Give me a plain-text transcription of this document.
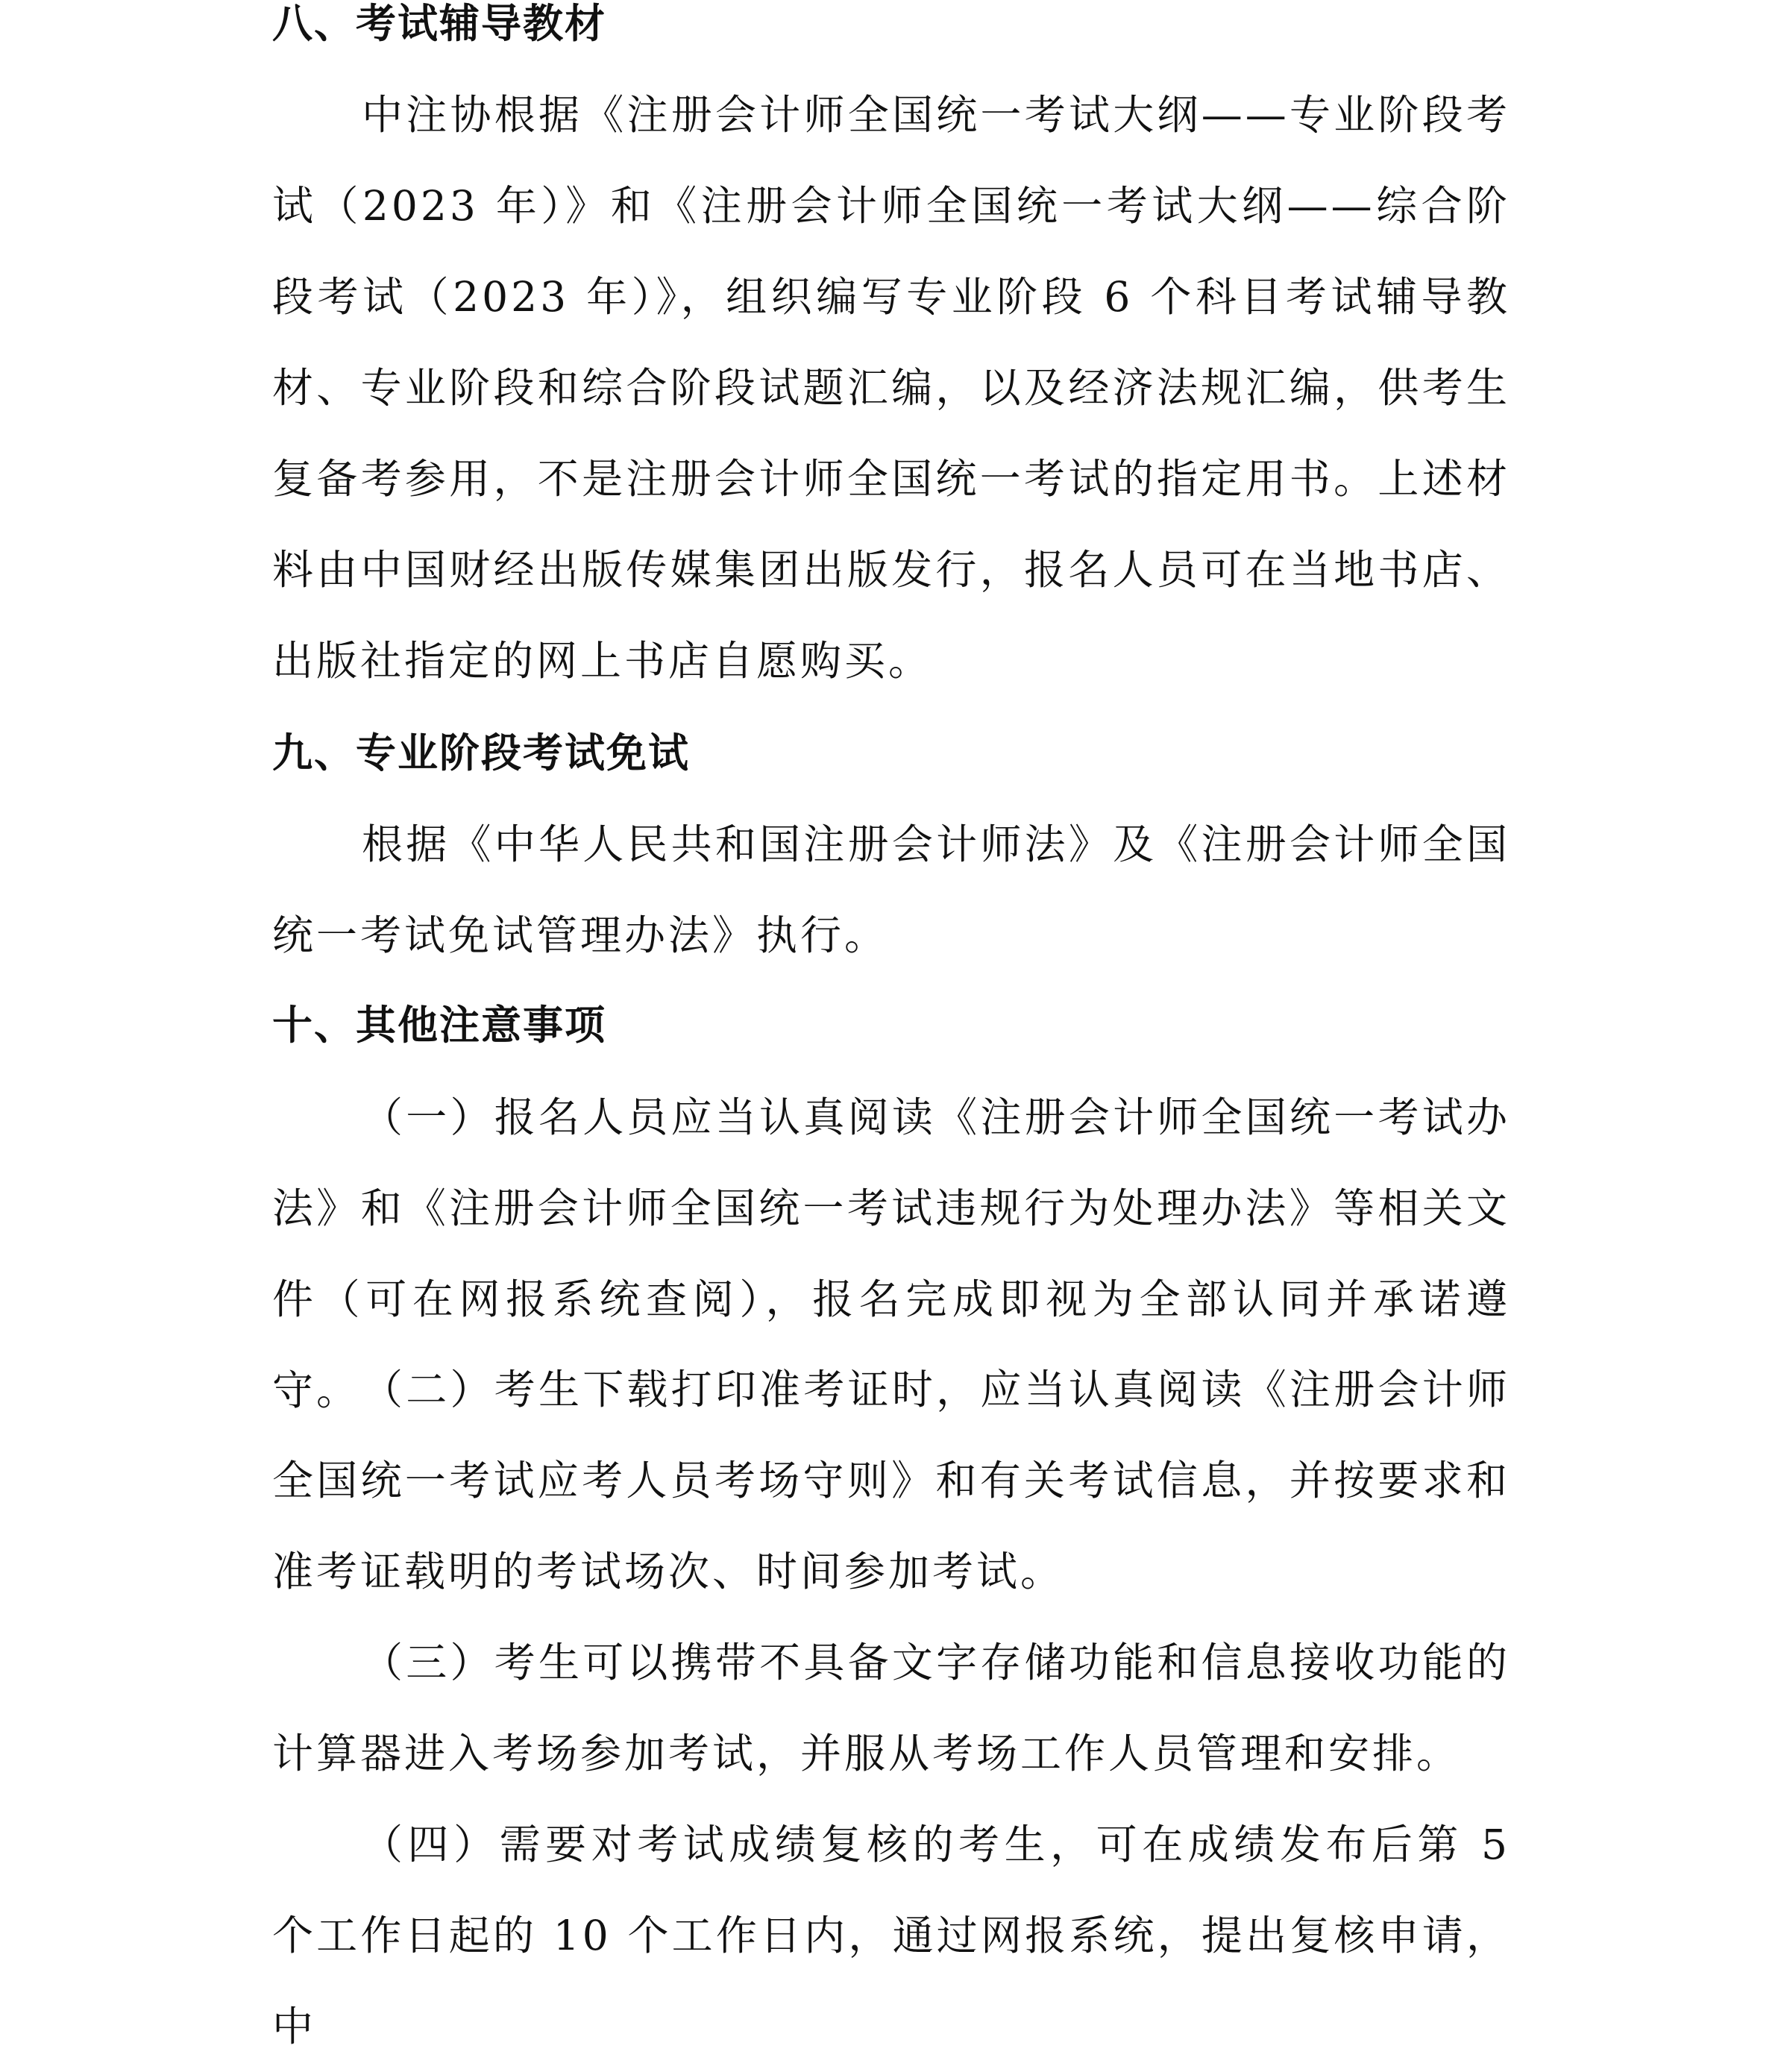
八、考试辅导教材

中注协根据《注册会计师全国统一考试大纲——专业阶段考试（2023 年）》和《注册会计师全国统一考试大纲——综合阶段考试（2023 年）》，组织编写专业阶段 6 个科目考试辅导教材、专业阶段和综合阶段试题汇编，以及经济法规汇编，供考生复备考参用，不是注册会计师全国统一考试的指定用书。上述材料由中国财经出版传媒集团出版发行，报名人员可在当地书店、出版社指定的网上书店自愿购买。

九、专业阶段考试免试

根据《中华人民共和国注册会计师法》及《注册会计师全国统一考试免试管理办法》执行。

十、其他注意事项

（一）报名人员应当认真阅读《注册会计师全国统一考试办法》和《注册会计师全国统一考试违规行为处理办法》等相关文件（可在网报系统查阅），报名完成即视为全部认同并承诺遵守。 （二）考生下载打印准考证时，应当认真阅读《注册会计师全国统一考试应考人员考场守则》和有关考试信息，并按要求和准考证载明的考试场次、时间参加考试。

（三）考生可以携带不具备文字存储功能和信息接收功能的计算器进入考场参加考试，并服从考场工作人员管理和安排。

（四）需要对考试成绩复核的考生，可在成绩发布后第 5 个工作日起的 10 个工作日内，通过网报系统，提出复核申请，中
